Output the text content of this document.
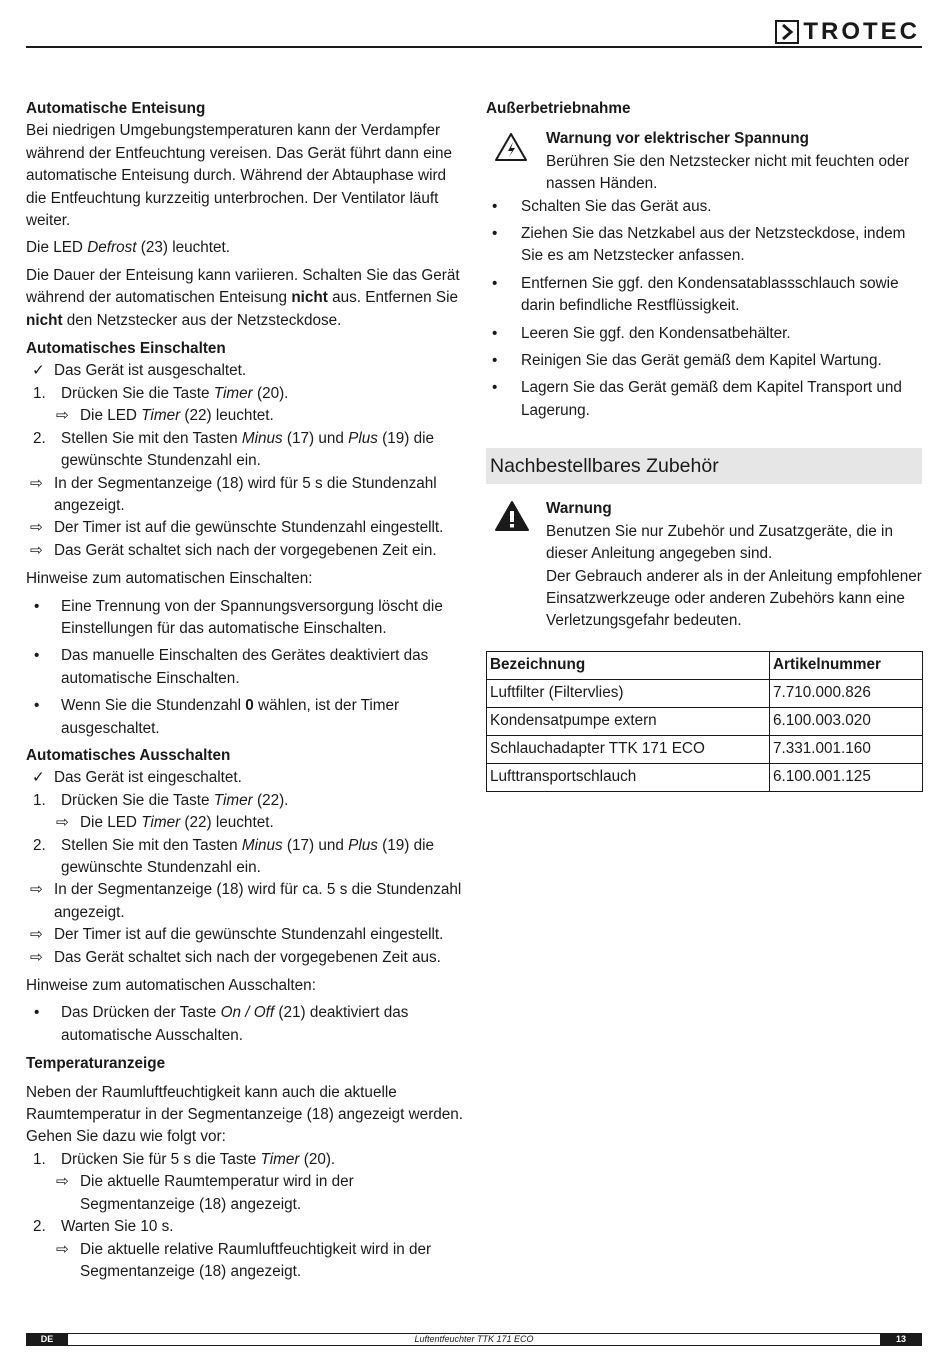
TROTEC
Automatische Enteisung

Bei niedrigen Umgebungstemperaturen kann der Verdampfer während der Entfeuchtung vereisen. Das Gerät führt dann eine automatische Enteisung durch. Während der Abtauphase wird die Entfeuchtung kurzzeitig unterbrochen. Der Ventilator läuft weiter.

Die LED Defrost (23) leuchtet.

Die Dauer der Enteisung kann variieren. Schalten Sie das Gerät während der automatischen Enteisung nicht aus. Entfernen Sie nicht den Netzstecker aus der Netzsteckdose.

Automatisches Einschalten
✓ Das Gerät ist ausgeschaltet.
1. Drücken Sie die Taste Timer (20).
⇨ Die LED Timer (22) leuchtet.
2. Stellen Sie mit den Tasten Minus (17) und Plus (19) die gewünschte Stundenzahl ein.
⇨ In der Segmentanzeige (18) wird für 5 s die Stundenzahl angezeigt.
⇨ Der Timer ist auf die gewünschte Stundenzahl eingestellt.
⇨ Das Gerät schaltet sich nach der vorgegebenen Zeit ein.

Hinweise zum automatischen Einschalten:

• Eine Trennung von der Spannungsversorgung löscht die Einstellungen für das automatische Einschalten.
• Das manuelle Einschalten des Gerätes deaktiviert das automatische Einschalten.
• Wenn Sie die Stundenzahl 0 wählen, ist der Timer ausgeschaltet.
Automatisches Ausschalten
✓ Das Gerät ist eingeschaltet.
1. Drücken Sie die Taste Timer (22).
⇨ Die LED Timer (22) leuchtet.
2. Stellen Sie mit den Tasten Minus (17) und Plus (19) die gewünschte Stundenzahl ein.
⇨ In der Segmentanzeige (18) wird für ca. 5 s die Stundenzahl angezeigt.
⇨ Der Timer ist auf die gewünschte Stundenzahl eingestellt.
⇨ Das Gerät schaltet sich nach der vorgegebenen Zeit aus.

Hinweise zum automatischen Ausschalten:

• Das Drücken der Taste On / Off (21) deaktiviert das automatische Ausschalten.
Temperaturanzeige

Neben der Raumluftfeuchtigkeit kann auch die aktuelle Raumtemperatur in der Segmentanzeige (18) angezeigt werden. Gehen Sie dazu wie folgt vor:

1. Drücken Sie für 5 s die Taste Timer (20).
⇨ Die aktuelle Raumtemperatur wird in der Segmentanzeige (18) angezeigt.
2. Warten Sie 10 s.
⇨ Die aktuelle relative Raumluftfeuchtigkeit wird in der Segmentanzeige (18) angezeigt.
Außerbetriebnahme
Warnung vor elektrischer Spannung
Berühren Sie den Netzstecker nicht mit feuchten oder nassen Händen.
• Schalten Sie das Gerät aus.
• Ziehen Sie das Netzkabel aus der Netzsteckdose, indem Sie es am Netzstecker anfassen.
• Entfernen Sie ggf. den Kondensatablassschlauch sowie darin befindliche Restflüssigkeit.
• Leeren Sie ggf. den Kondensatbehälter.
• Reinigen Sie das Gerät gemäß dem Kapitel Wartung.
• Lagern Sie das Gerät gemäß dem Kapitel Transport und Lagerung.
Nachbestellbares Zubehör
Warnung
Benutzen Sie nur Zubehör und Zusatzgeräte, die in dieser Anleitung angegeben sind.
Der Gebrauch anderer als in der Anleitung empfohlener Einsatzwerkzeuge oder anderen Zubehörs kann eine Verletzungsgefahr bedeuten.
Bezeichnung	Artikelnummer
Luftfilter (Filtervlies)	7.710.000.826
Kondensatpumpe extern	6.100.003.020
Schlauchadapter TTK 171 ECO	7.331.001.160
Lufttransportschlauch	6.100.001.125
DE	Luftentfeuchter TTK 171 ECO	13
